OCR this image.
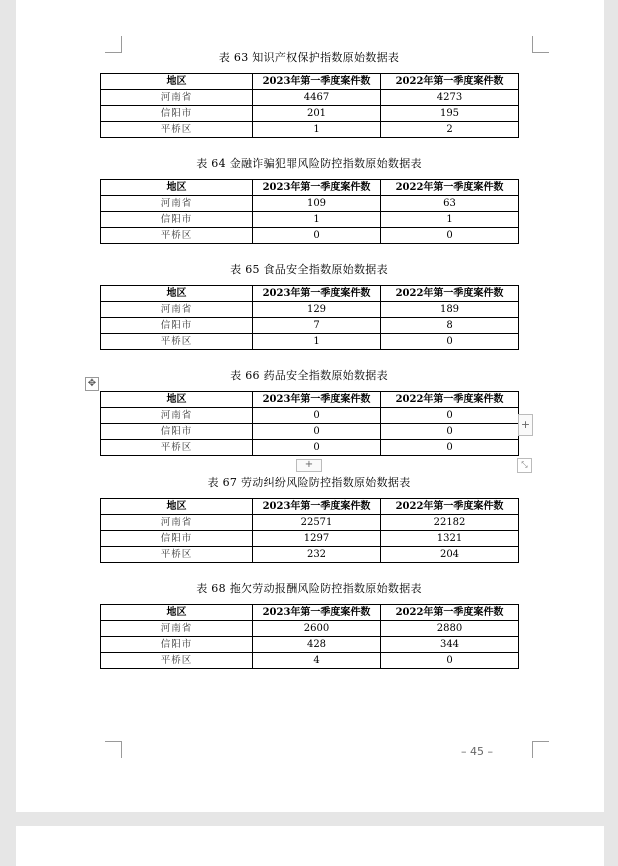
表 63 知识产权保护指数原始数据表
地区	2023年第一季度案件数	2022年第一季度案件数
河南省	4467	4273
信阳市	201	195
平桥区	1	2
表 64 金融诈骗犯罪风险防控指数原始数据表
地区	2023年第一季度案件数	2022年第一季度案件数
河南省	109	63
信阳市	1	1
平桥区	0	0
表 65 食品安全指数原始数据表
地区	2023年第一季度案件数	2022年第一季度案件数
河南省	129	189
信阳市	7	8
平桥区	1	0
表 66 药品安全指数原始数据表
地区	2023年第一季度案件数	2022年第一季度案件数
河南省	0	0
信阳市	0	0
平桥区	0	0
表 67 劳动纠纷风险防控指数原始数据表
地区	2023年第一季度案件数	2022年第一季度案件数
河南省	22571	22182
信阳市	1297	1321
平桥区	232	204
表 68 拖欠劳动报酬风险防控指数原始数据表
地区	2023年第一季度案件数	2022年第一季度案件数
河南省	2600	2880
信阳市	428	344
平桥区	4	0
✥
+
+	⤡
– 45 –
